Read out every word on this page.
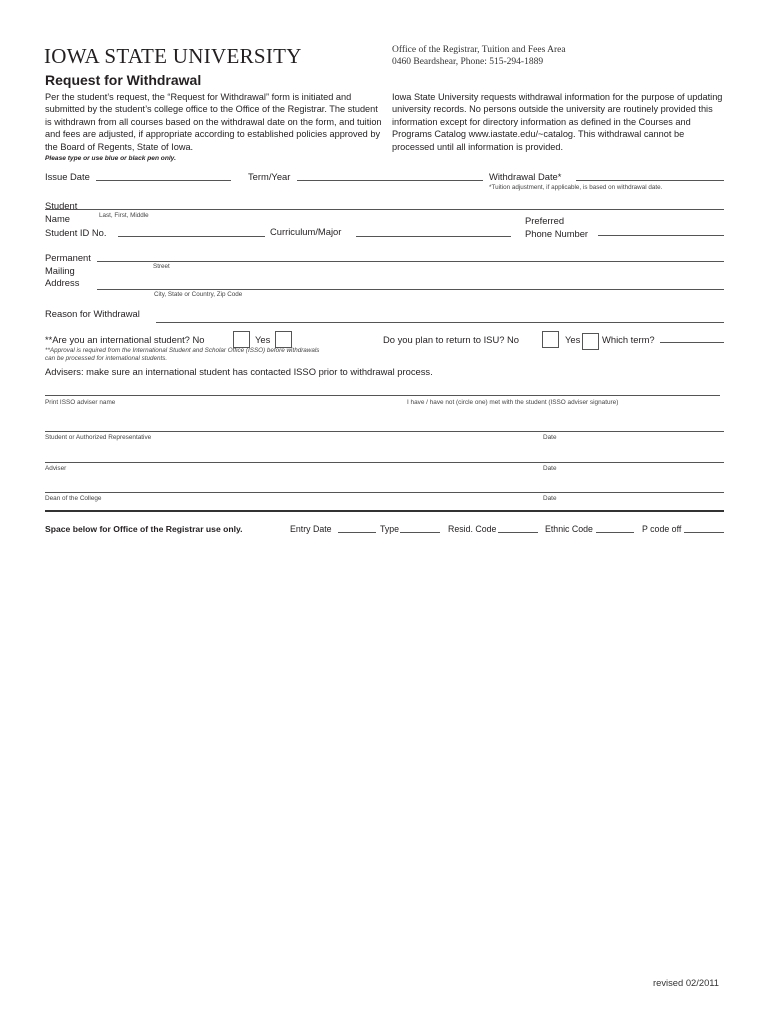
IOWA STATE UNIVERSITY	Office of the Registrar, Tuition and Fees Area
0460 Beardshear, Phone: 515-294-1889
Request for Withdrawal
Per the student’s request, the “Request for Withdrawal” form is initiated and submitted by the student’s college office to the Office of the Registrar. The student is withdrawn from all courses based on the withdrawal date on the form, and tuition and fees are adjusted, if appropriate according to established policies approved by the Board of Regents, State of Iowa.
Iowa State University requests withdrawal information for the purpose of updating university records. No persons outside the university are routinely provided this information except for directory information as defined in the Courses and Programs Catalog www.iastate.edu/~catalog. This withdrawal cannot be processed until all information is provided.
Please type or use blue or black pen only.
Issue Date	Term/Year	Withdrawal Date*
*Tuition adjustment, if applicable, is based on withdrawal date.
Student
Name	Last, First, Middle
Student ID No.	Curriculum/Major
Preferred
Phone Number
Permanent
Mailing
Address
Street
City, State or Country, Zip Code
Reason for Withdrawal
**Are you an international student? No	Yes	Do you plan to return to ISU? No	Yes Which term?
**Approval is required from the International Student and Scholar Office (ISSO) before withdrawals
can be processed for international students.
Advisers: make sure an international student has contacted ISSO prior to withdrawal process.
Print ISSO adviser name	I have / have not (circle one) met with the student (ISSO adviser signature)
Student or Authorized Representative	Date
Adviser	Date
Dean of the College	Date
Space below for Office of the Registrar use only.	Entry Date	Type	Resid. Code	Ethnic Code	P code off
revised 02/2011
